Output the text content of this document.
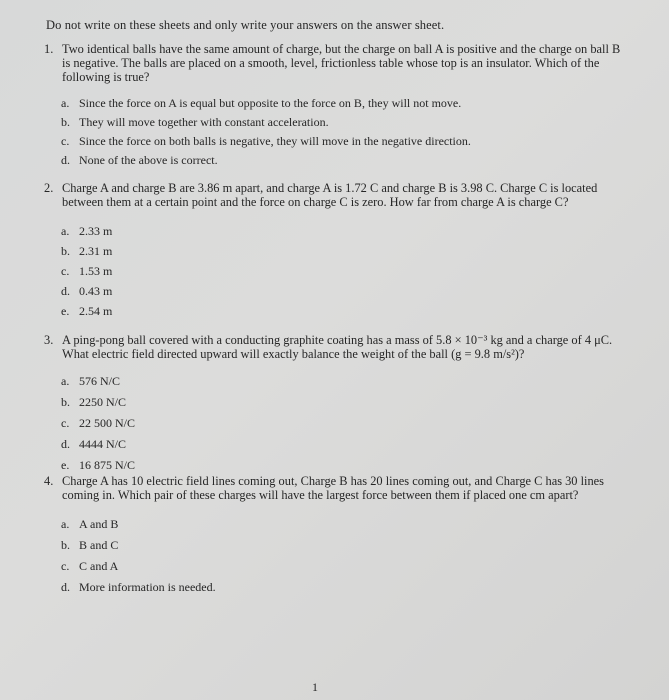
Do not write on these sheets and only write your answers on the answer sheet.
1. Two identical balls have the same amount of charge, but the charge on ball A is positive and the charge on ball B is negative. The balls are placed on a smooth, level, frictionless table whose top is an insulator. Which of the following is true?
a. Since the force on A is equal but opposite to the force on B, they will not move.
b. They will move together with constant acceleration.
c. Since the force on both balls is negative, they will move in the negative direction.
d. None of the above is correct.
2. Charge A and charge B are 3.86 m apart, and charge A is 1.72 C and charge B is 3.98 C. Charge C is located between them at a certain point and the force on charge C is zero. How far from charge A is charge C?
a. 2.33 m
b. 2.31 m
c. 1.53 m
d. 0.43 m
e. 2.54 m
3. A ping-pong ball covered with a conducting graphite coating has a mass of 5.8 × 10⁻³ kg and a charge of 4 μC. What electric field directed upward will exactly balance the weight of the ball (g = 9.8 m/s²)?
a. 576 N/C
b. 2250 N/C
c. 22 500 N/C
d. 4444 N/C
e. 16 875 N/C
4. Charge A has 10 electric field lines coming out, Charge B has 20 lines coming out, and Charge C has 30 lines coming in. Which pair of these charges will have the largest force between them if placed one cm apart?
a. A and B
b. B and C
c. C and A
d. More information is needed.
1
